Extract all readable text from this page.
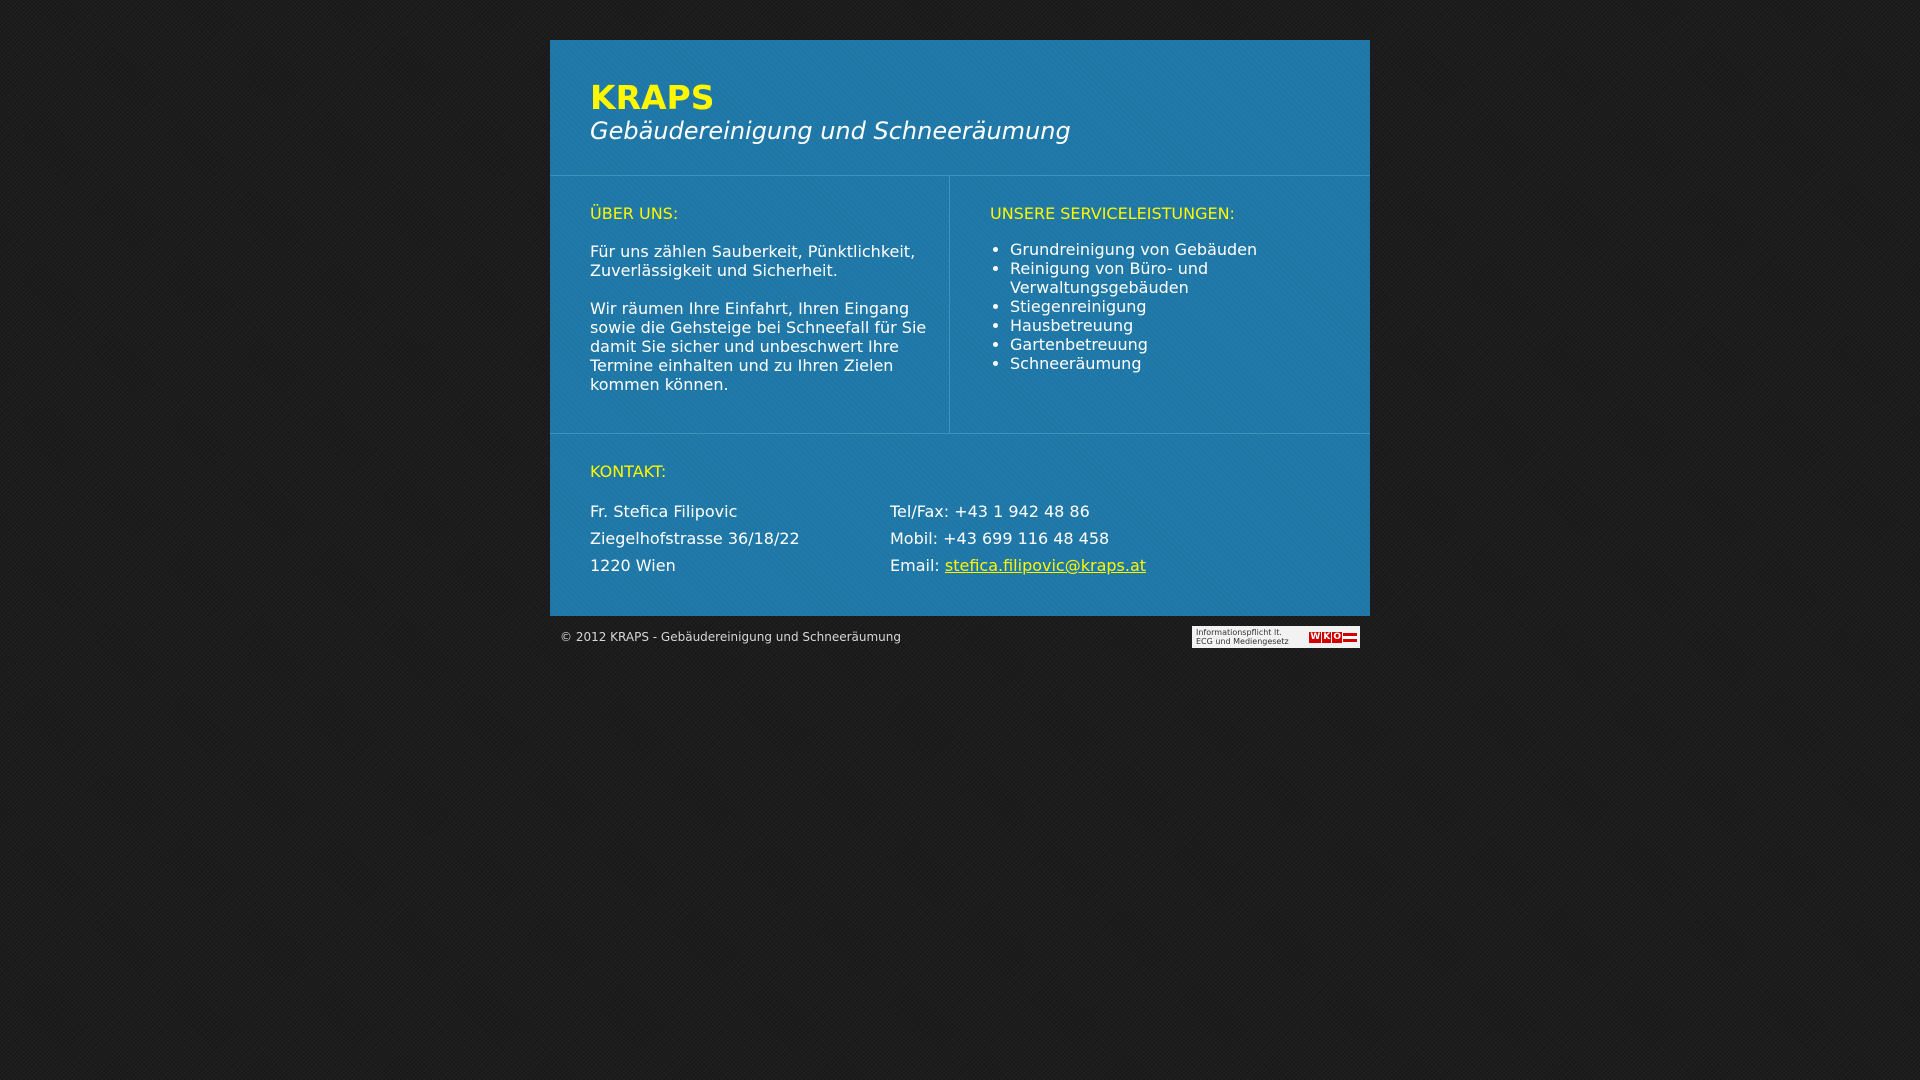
KRAPS

Gebäudereinigung und Schneeräumung

ÜBER UNS:

Für uns zählen Sauberkeit, Pünktlichkeit, Zuverlässigkeit und Sicherheit.

Wir räumen Ihre Einfahrt, Ihren Eingang sowie die Gehsteige bei Schneefall für Sie damit Sie sicher und unbeschwert Ihre Termine einhalten und zu Ihren Zielen kommen können.

UNSERE SERVICELEISTUNGEN:
• Grundreinigung von Gebäuden
• Reinigung von Büro- und Verwaltungsgebäuden
• Stiegenreinigung
• Hausbetreuung
• Gartenbetreuung
• Schneeräumung
KONTAKT:
Fr. Stefica Filipovic
Ziegelhofstrasse 36/18/22
1220 Wien
Tel/Fax: +43 1 942 48 86
Mobil: +43 699 116 48 458
Email: stefica.filipovic@kraps.at
© 2012 KRAPS - Gebäudereinigung und Schneeräumung	Informationspflicht lt.
ECG und Mediengesetz W K O
